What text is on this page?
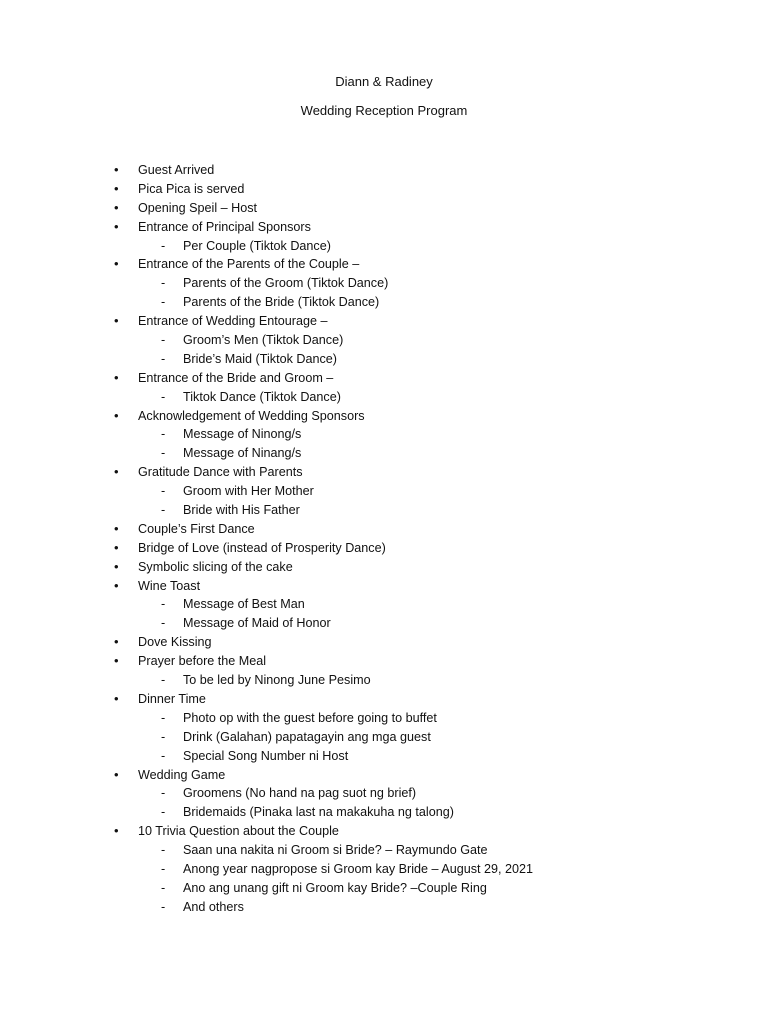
Diann & Radiney
Wedding Reception Program
• Guest Arrived
• Pica Pica is served
• Opening Speil – Host
• Entrance of Principal Sponsors
- Per Couple (Tiktok Dance)
• Entrance of the Parents of the Couple –
- Parents of the Groom (Tiktok Dance)
- Parents of the Bride (Tiktok Dance)
• Entrance of Wedding Entourage –
- Groom’s Men (Tiktok Dance)
- Bride’s Maid (Tiktok Dance)
• Entrance of the Bride and Groom –
- Tiktok Dance (Tiktok Dance)
• Acknowledgement of Wedding Sponsors
- Message of Ninong/s
- Message of Ninang/s
• Gratitude Dance with Parents
- Groom with Her Mother
- Bride with His Father
• Couple’s First Dance
• Bridge of Love (instead of Prosperity Dance)
• Symbolic slicing of the cake
• Wine Toast
- Message of Best Man
- Message of Maid of Honor
• Dove Kissing
• Prayer before the Meal
- To be led by Ninong June Pesimo
• Dinner Time
- Photo op with the guest before going to buffet
- Drink (Galahan) papatagayin ang mga guest
- Special Song Number ni Host
• Wedding Game
- Groomens (No hand na pag suot ng brief)
- Bridemaids (Pinaka last na makakuha ng talong)
• 10 Trivia Question about the Couple
- Saan una nakita ni Groom si Bride? – Raymundo Gate
- Anong year nagpropose si Groom kay Bride – August 29, 2021
- Ano ang unang gift ni Groom kay Bride? –Couple Ring
- And others
